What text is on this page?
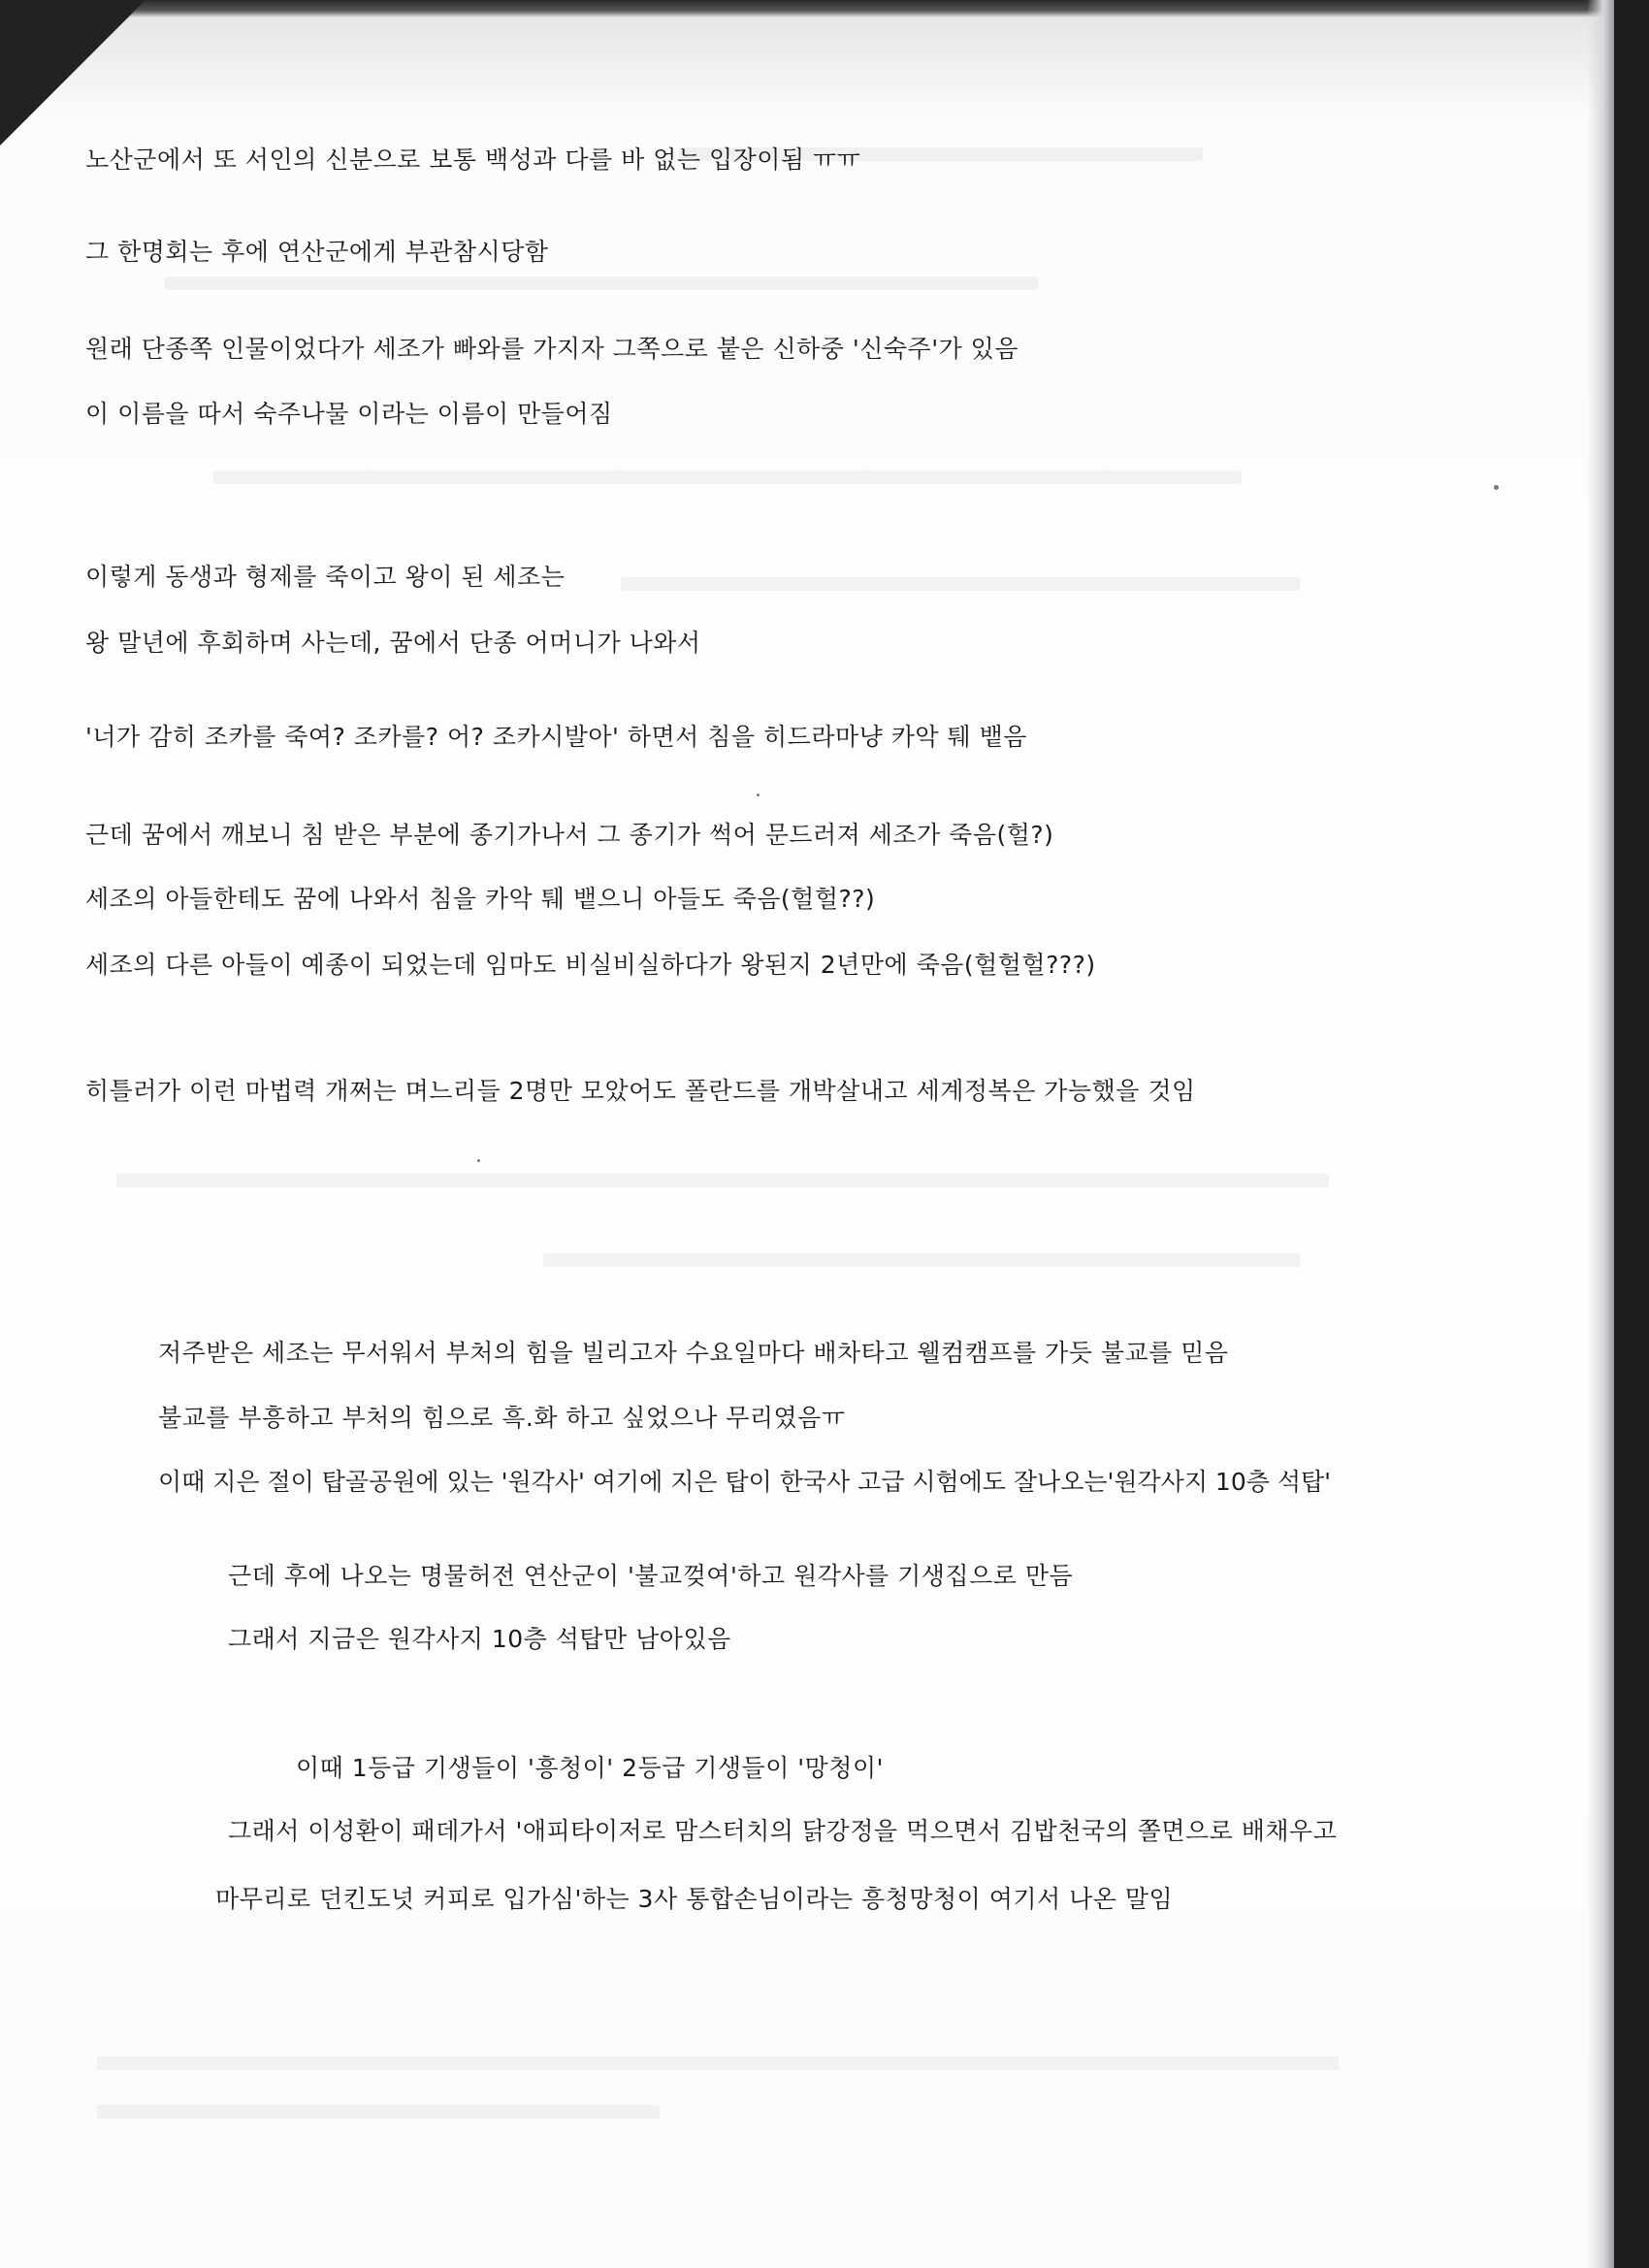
노산군에서 또 서인의 신분으로 보통 백성과 다를 바 없는 입장이됨 ㅠㅠ
그 한명회는 후에 연산군에게 부관참시당함
원래 단종쪽 인물이었다가 세조가 빠와를 가지자 그쪽으로 붙은 신하중 '신숙주'가 있음
이 이름을 따서 숙주나물 이라는 이름이 만들어짐
이렇게 동생과 형제를 죽이고 왕이 된 세조는
왕 말년에 후회하며 사는데, 꿈에서 단종 어머니가 나와서
'너가 감히 조카를 죽여? 조카를? 어? 조카시발아' 하면서 침을 히드라마냥 카악 퉤 뱉음
근데 꿈에서 깨보니 침 받은 부분에 종기가나서 그 종기가 썩어 문드러져 세조가 죽음(헐?)
세조의 아들한테도 꿈에 나와서 침을 카악 퉤 뱉으니 아들도 죽음(헐헐??)
세조의 다른 아들이 예종이 되었는데 임마도 비실비실하다가 왕된지 2년만에 죽음(헐헐헐???)
히틀러가 이런 마법력 개쩌는 며느리들 2명만 모았어도 폴란드를 개박살내고 세계정복은 가능했을 것임
저주받은 세조는 무서워서 부처의 힘을 빌리고자 수요일마다 배차타고 웰컴캠프를 가듯 불교를 믿음
불교를 부흥하고 부처의 힘으로 흑.화 하고 싶었으나 무리였음ㅠ
이때 지은 절이 탑골공원에 있는 '원각사' 여기에 지은 탑이 한국사 고급 시험에도 잘나오는'원각사지 10층 석탑'
근데 후에 나오는 명물허전 연산군이 '불교껒여'하고 원각사를 기생집으로 만듬
그래서 지금은 원각사지 10층 석탑만 남아있음
이때 1등급 기생들이 '흥청이' 2등급 기생들이 '망청이'
그래서 이성환이 패데가서 '애피타이저로 맘스터치의 닭강정을 먹으면서 김밥천국의 쫄면으로 배채우고
마무리로 던킨도넛 커피로 입가심'하는 3사 통합손님이라는 흥청망청이 여기서 나온 말임
